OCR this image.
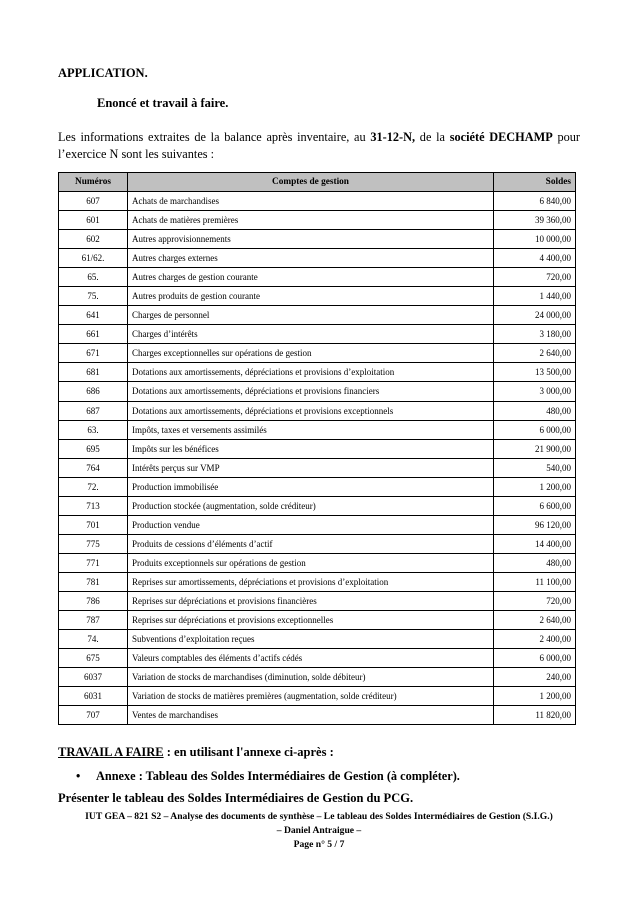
APPLICATION.
Enoncé et travail à faire.
Les informations extraites de la balance après inventaire, au 31-12-N, de la société DECHAMP pour l’exercice N sont les suivantes :
Numéros	Comptes de gestion	Soldes
607	Achats de marchandises	6 840,00
601	Achats de matières premières	39 360,00
602	Autres approvisionnements	10 000,00
61/62.	Autres charges externes	4 400,00
65.	Autres charges de gestion courante	720,00
75.	Autres produits de gestion courante	1 440,00
641	Charges de personnel	24 000,00
661	Charges d’intérêts	3 180,00
671	Charges exceptionnelles sur opérations de gestion	2 640,00
681	Dotations aux amortissements, dépréciations et provisions d’exploitation	13 500,00
686	Dotations aux amortissements, dépréciations et provisions financiers	3 000,00
687	Dotations aux amortissements, dépréciations et provisions exceptionnels	480,00
63.	Impôts, taxes et versements assimilés	6 000,00
695	Impôts sur les bénéfices	21 900,00
764	Intérêts perçus sur VMP	540,00
72.	Production immobilisée	1 200,00
713	Production stockée (augmentation, solde créditeur)	6 600,00
701	Production vendue	96 120,00
775	Produits de cessions d’éléments d’actif	14 400,00
771	Produits exceptionnels sur opérations de gestion	480,00
781	Reprises sur amortissements, dépréciations et provisions d’exploitation	11 100,00
786	Reprises sur dépréciations et provisions financières	720,00
787	Reprises sur dépréciations et provisions exceptionnelles	2 640,00
74.	Subventions d’exploitation reçues	2 400,00
675	Valeurs comptables des éléments d’actifs cédés	6 000,00
6037	Variation de stocks de marchandises (diminution, solde débiteur)	240,00
6031	Variation de stocks de matières premières (augmentation, solde créditeur)	1 200,00
707	Ventes de marchandises	11 820,00
TRAVAIL A FAIRE : en utilisant l'annexe ci-après :
• Annexe : Tableau des Soldes Intermédiaires de Gestion (à compléter).
Présenter le tableau des Soldes Intermédiaires de Gestion du PCG.
IUT GEA – 821 S2 – Analyse des documents de synthèse – Le tableau des Soldes Intermédiaires de Gestion (S.I.G.)
– Daniel Antraigue –
Page n° 5 / 7
